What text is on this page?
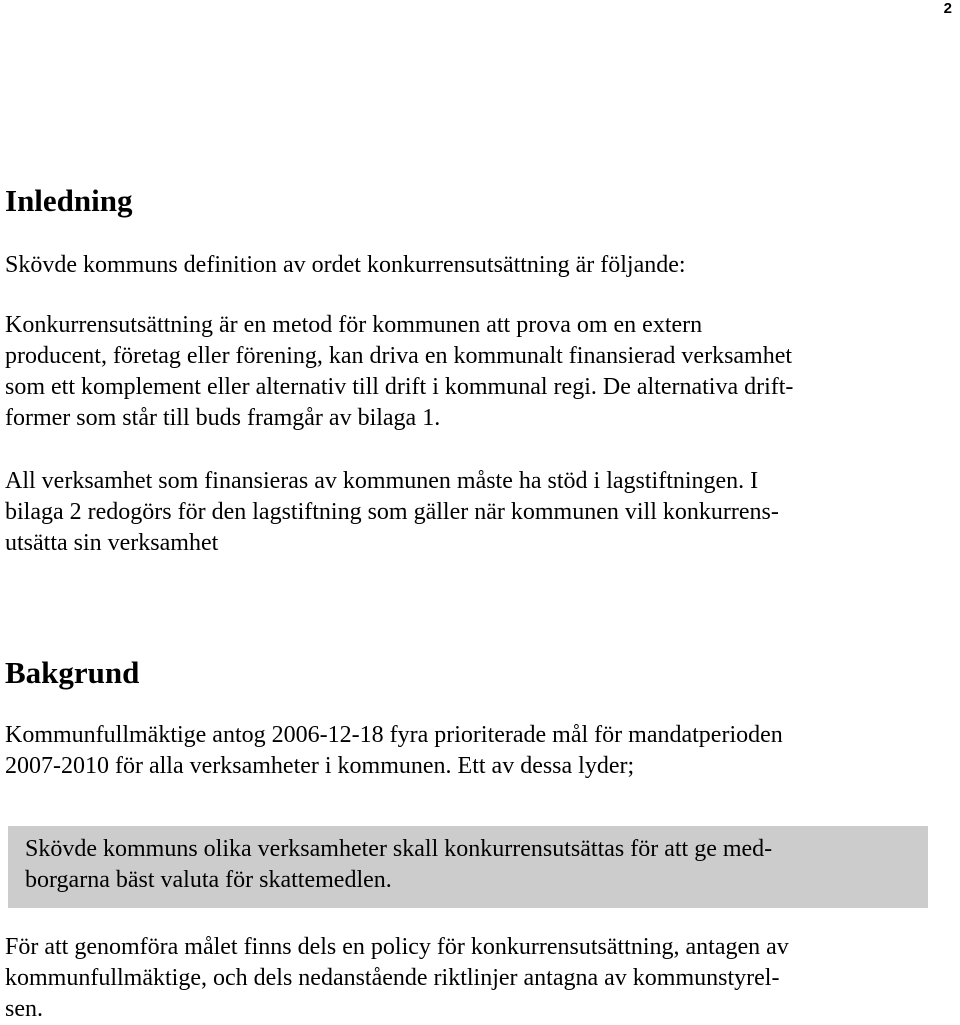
2
Inledning

Skövde kommuns definition av ordet konkurrensutsättning är följande:

Konkurrensutsättning är en metod för kommunen att prova om en extern
producent, företag eller förening, kan driva en kommunalt finansierad verksamhet
som ett komplement eller alternativ till drift i kommunal regi. De alternativa drift-
former som står till buds framgår av bilaga 1.

All verksamhet som finansieras av kommunen måste ha stöd i lagstiftningen. I
bilaga 2 redogörs för den lagstiftning som gäller när kommunen vill konkurrens-
utsätta sin verksamhet

Bakgrund

Kommunfullmäktige antog 2006-12-18 fyra prioriterade mål för mandatperioden
2007-2010 för alla verksamheter i kommunen. Ett av dessa lyder;

Skövde kommuns olika verksamheter skall konkurrensutsättas för att ge med-
borgarna bäst valuta för skattemedlen.

För att genomföra målet finns dels en policy för konkurrensutsättning, antagen av
kommunfullmäktige, och dels nedanstående riktlinjer antagna av kommunstyrel-
sen.
